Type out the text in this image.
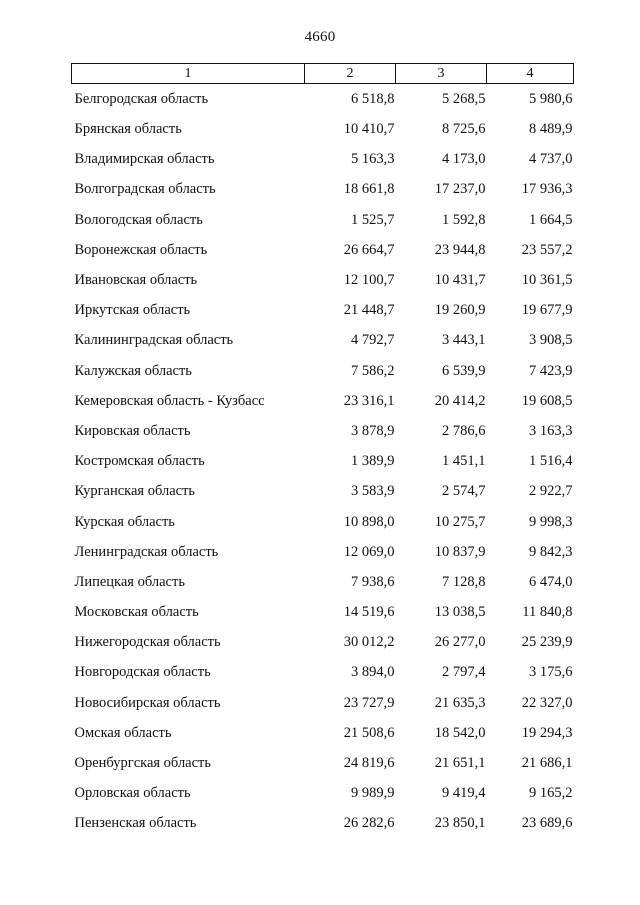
4660
1	2	3	4
Белгородская область	6 518,8	5 268,5	5 980,6
Брянская область	10 410,7	8 725,6	8 489,9
Владимирская область	5 163,3	4 173,0	4 737,0
Волгоградская область	18 661,8	17 237,0	17 936,3
Вологодская область	1 525,7	1 592,8	1 664,5
Воронежская область	26 664,7	23 944,8	23 557,2
Ивановская область	12 100,7	10 431,7	10 361,5
Иркутская область	21 448,7	19 260,9	19 677,9
Калининградская область	4 792,7	3 443,1	3 908,5
Калужская область	7 586,2	6 539,9	7 423,9
Кемеровская область - Кузбасс	23 316,1	20 414,2	19 608,5
Кировская область	3 878,9	2 786,6	3 163,3
Костромская область	1 389,9	1 451,1	1 516,4
Курганская область	3 583,9	2 574,7	2 922,7
Курская область	10 898,0	10 275,7	9 998,3
Ленинградская область	12 069,0	10 837,9	9 842,3
Липецкая область	7 938,6	7 128,8	6 474,0
Московская область	14 519,6	13 038,5	11 840,8
Нижегородская область	30 012,2	26 277,0	25 239,9
Новгородская область	3 894,0	2 797,4	3 175,6
Новосибирская область	23 727,9	21 635,3	22 327,0
Омская область	21 508,6	18 542,0	19 294,3
Оренбургская область	24 819,6	21 651,1	21 686,1
Орловская область	9 989,9	9 419,4	9 165,2
Пензенская область	26 282,6	23 850,1	23 689,6
